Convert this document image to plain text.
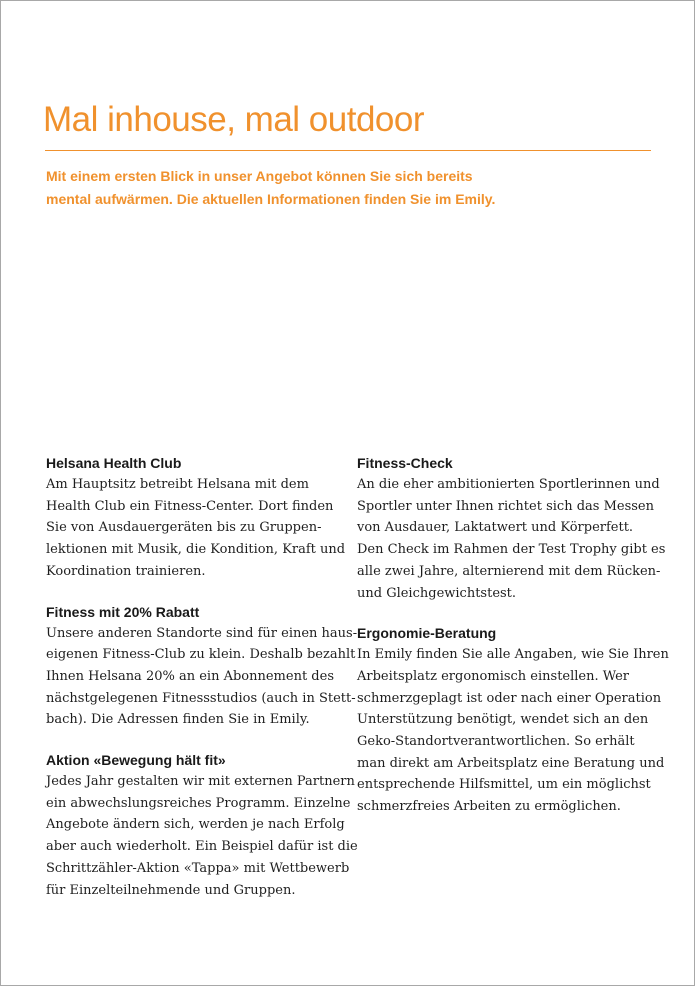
Mal inhouse, mal outdoor

Mit einem ersten Blick in unser Angebot können Sie sich bereits
mental aufwärmen. Die aktuellen Informationen finden Sie im Emily.

Helsana Health Club
Am Hauptsitz betreibt Helsana mit dem
Health Club ein Fitness-Center. Dort finden
Sie von Ausdauergeräten bis zu Gruppen-
lektionen mit Musik, die Kondition, Kraft und
Koordination trainieren.
Fitness mit 20% Rabatt
Unsere anderen Standorte sind für einen haus-
eigenen Fitness-Club zu klein. Deshalb bezahlt
Ihnen Helsana 20% an ein Abonnement des
nächstgelegenen Fitnessstudios (auch in Stett-
bach). Die Adressen finden Sie in Emily.
Aktion «Bewegung hält fit»
Jedes Jahr gestalten wir mit externen Partnern
ein abwechslungsreiches Programm. Einzelne
Angebote ändern sich, werden je nach Erfolg
aber auch wiederholt. Ein Beispiel dafür ist die
Schrittzähler-Aktion «Tappa» mit Wettbewerb
für Einzelteilnehmende und Gruppen.
Fitness-Check
An die eher ambitionierten Sportlerinnen und
Sportler unter Ihnen richtet sich das Messen
von Ausdauer, Laktatwert und Körperfett.
Den Check im Rahmen der Test Trophy gibt es
alle zwei Jahre, alternierend mit dem Rücken-
und Gleichgewichtstest.
Ergonomie-Beratung
In Emily finden Sie alle Angaben, wie Sie Ihren
Arbeitsplatz ergonomisch einstellen. Wer
schmerzgeplagt ist oder nach einer Operation
Unterstützung benötigt, wendet sich an den
Geko-Standortverantwortlichen. So erhält
man direkt am Arbeitsplatz eine Beratung und
entsprechende Hilfsmittel, um ein möglichst
schmerzfreies Arbeiten zu ermöglichen.
